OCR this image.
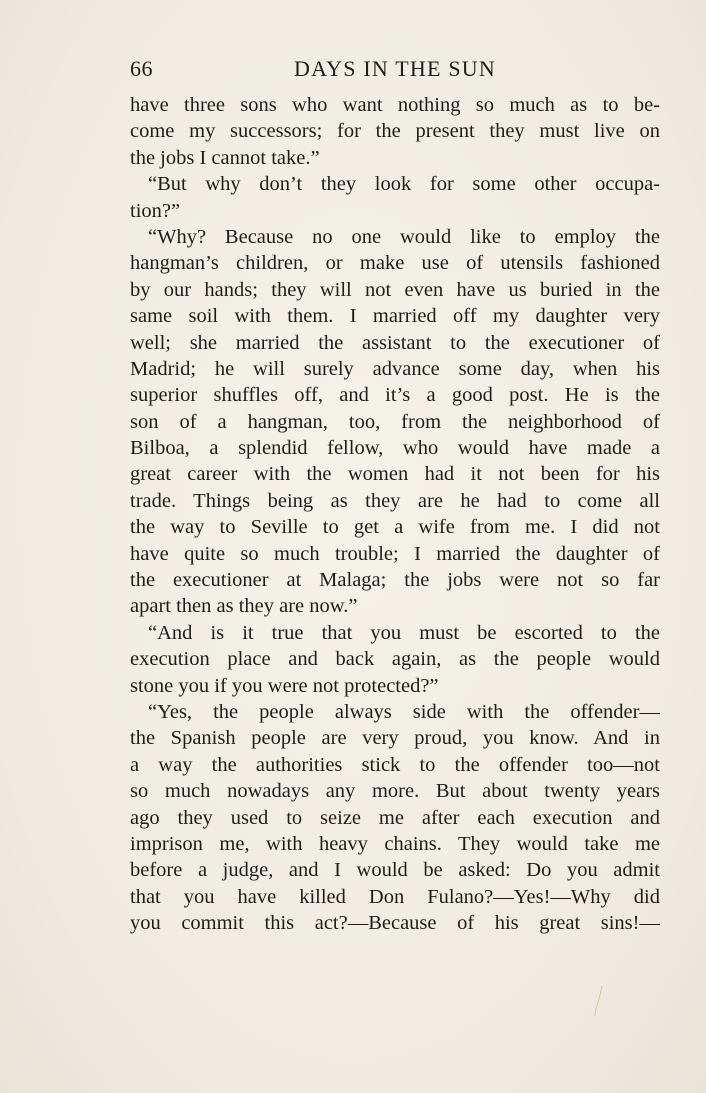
66	DAYS IN THE SUN
have three sons who want nothing so much as to be-
come my successors; for the present they must live on
the jobs I cannot take.”
“But why don’t they look for some other occupa-
tion?”
“Why? Because no one would like to employ the
hangman’s children, or make use of utensils fashioned
by our hands; they will not even have us buried in the
same soil with them. I married off my daughter very
well; she married the assistant to the executioner of
Madrid; he will surely advance some day, when his
superior shuffles off, and it’s a good post. He is the
son of a hangman, too, from the neighborhood of
Bilboa, a splendid fellow, who would have made a
great career with the women had it not been for his
trade. Things being as they are he had to come all
the way to Seville to get a wife from me. I did not
have quite so much trouble; I married the daughter of
the executioner at Malaga; the jobs were not so far
apart then as they are now.”
“And is it true that you must be escorted to the
execution place and back again, as the people would
stone you if you were not protected?”
“Yes, the people always side with the offender—
the Spanish people are very proud, you know. And in
a way the authorities stick to the offender too—not
so much nowadays any more. But about twenty years
ago they used to seize me after each execution and
imprison me, with heavy chains. They would take me
before a judge, and I would be asked: Do you admit
that you have killed Don Fulano?—Yes!—Why did
you commit this act?—Because of his great sins!—
